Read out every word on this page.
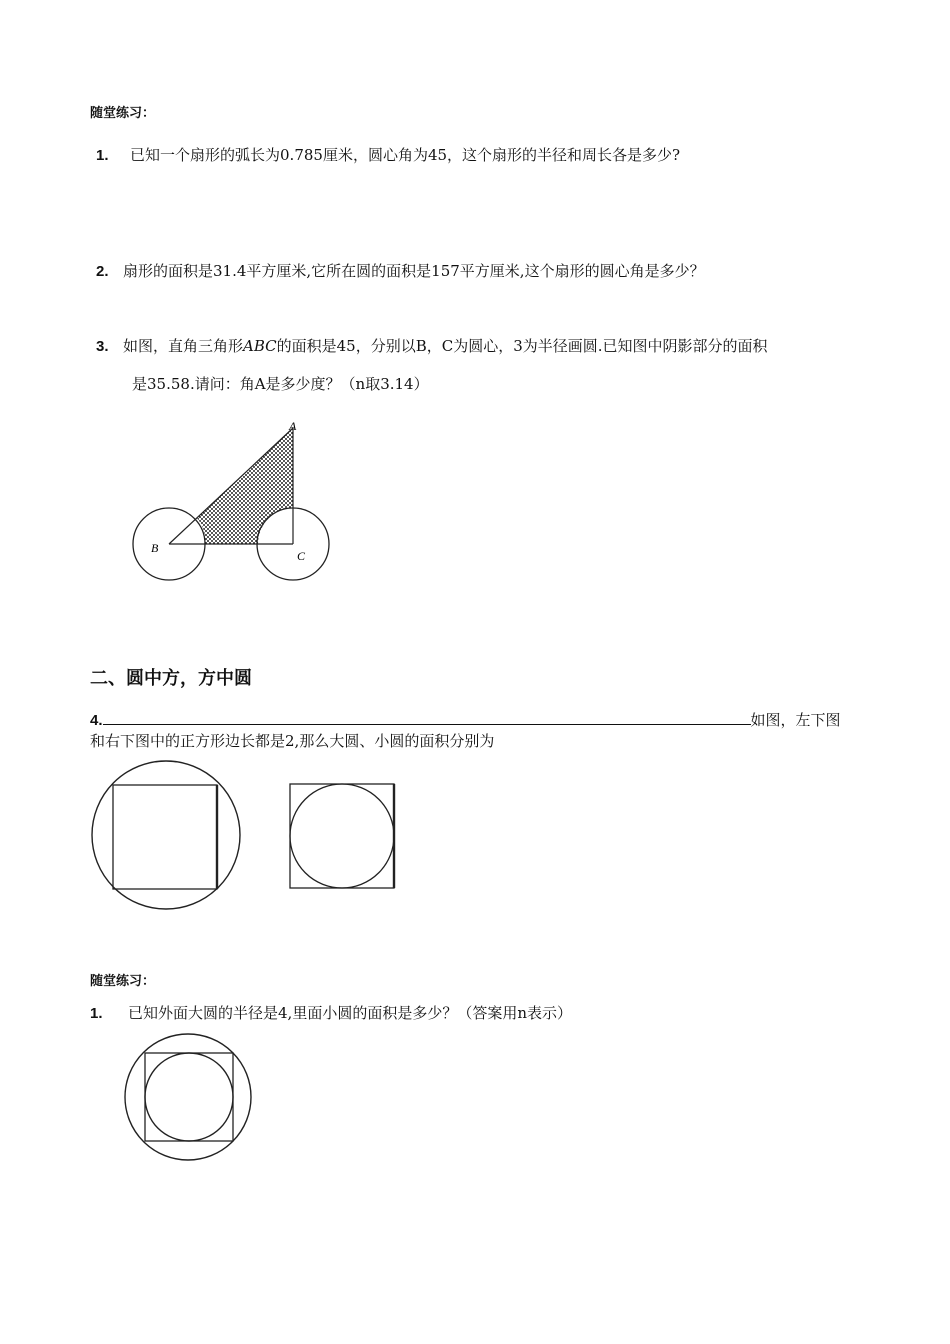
随堂练习：
1. 已知一个扇形的弧长为0.785厘米，圆心角为45，这个扇形的半径和周长各是多少?
2. 扇形的面积是31.4平方厘米,它所在圆的面积是157平方厘米,这个扇形的圆心角是多少？
3. 如图，直角三角形ABC的面积是45，分别以B，C为圆心，3为半径画圆.已知图中阴影部分的面积
是35.58.请问：角A是多少度？（n取3.14）
A
B
C
二、圆中方，方中圆
4.	如图，左下图
和右下图中的正方形边长都是2,那么大圆、小圆的面积分别为
随堂练习：
1. 已知外面大圆的半径是4,里面小圆的面积是多少？（答案用n表示）
